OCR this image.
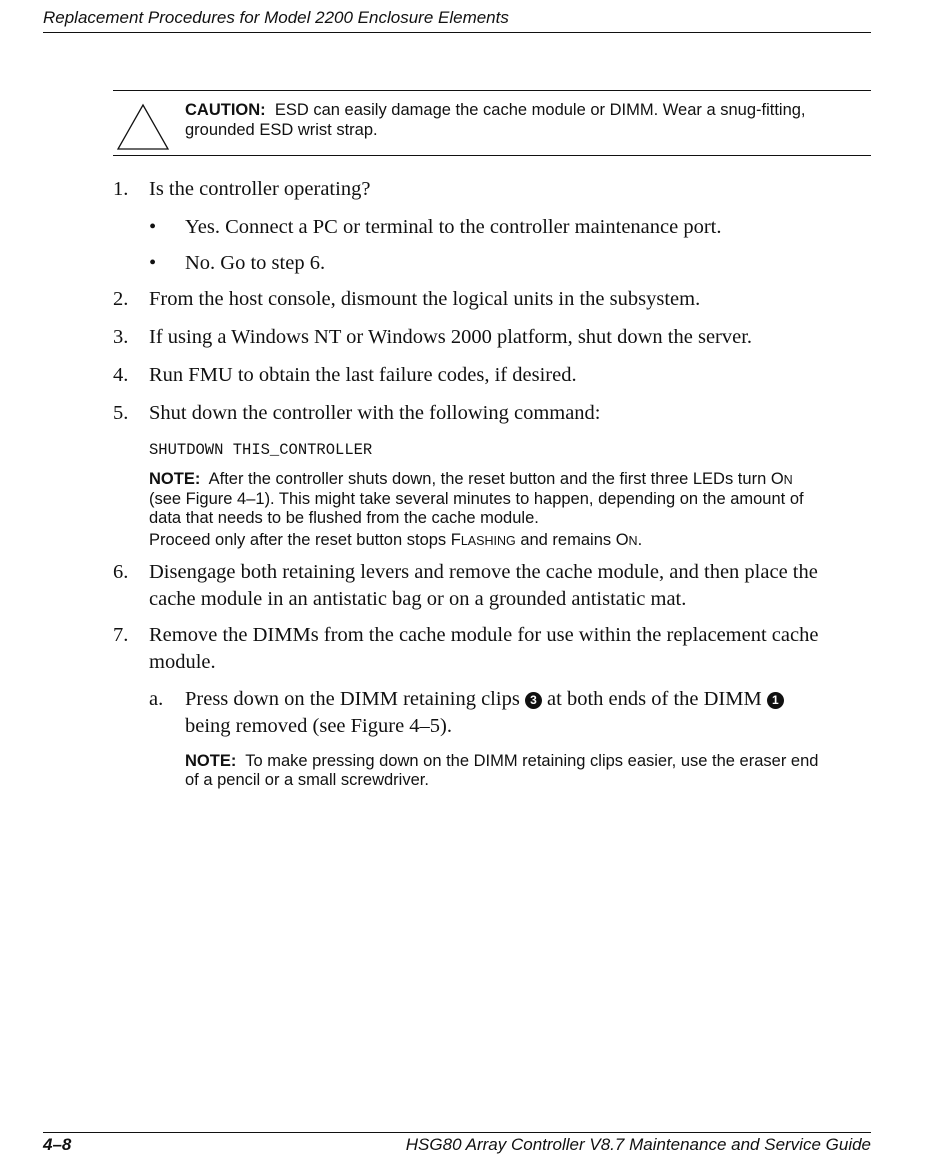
Replacement Procedures for Model 2200 Enclosure Elements
CAUTION: ESD can easily damage the cache module or DIMM. Wear a snug-fitting,
grounded ESD wrist strap.
1. Is the controller operating?
• Yes. Connect a PC or terminal to the controller maintenance port.
• No. Go to step 6.
2. From the host console, dismount the logical units in the subsystem.
3. If using a Windows NT or Windows 2000 platform, shut down the server.
4. Run FMU to obtain the last failure codes, if desired.
5. Shut down the controller with the following command:
SHUTDOWN THIS_CONTROLLER
NOTE: After the controller shuts down, the reset button and the first three LEDs turn ON
(see Figure 4–1). This might take several minutes to happen, depending on the amount of
data that needs to be flushed from the cache module.
Proceed only after the reset button stops FLASHING and remains ON.
6. Disengage both retaining levers and remove the cache module, and then place the
cache module in an antistatic bag or on a grounded antistatic mat.
7. Remove the DIMMs from the cache module for use within the replacement cache
module.
a. Press down on the DIMM retaining clips 3 at both ends of the DIMM 1
being removed (see Figure 4–5).
NOTE: To make pressing down on the DIMM retaining clips easier, use the eraser end
of a pencil or a small screwdriver.
4–8	HSG80 Array Controller V8.7 Maintenance and Service Guide
